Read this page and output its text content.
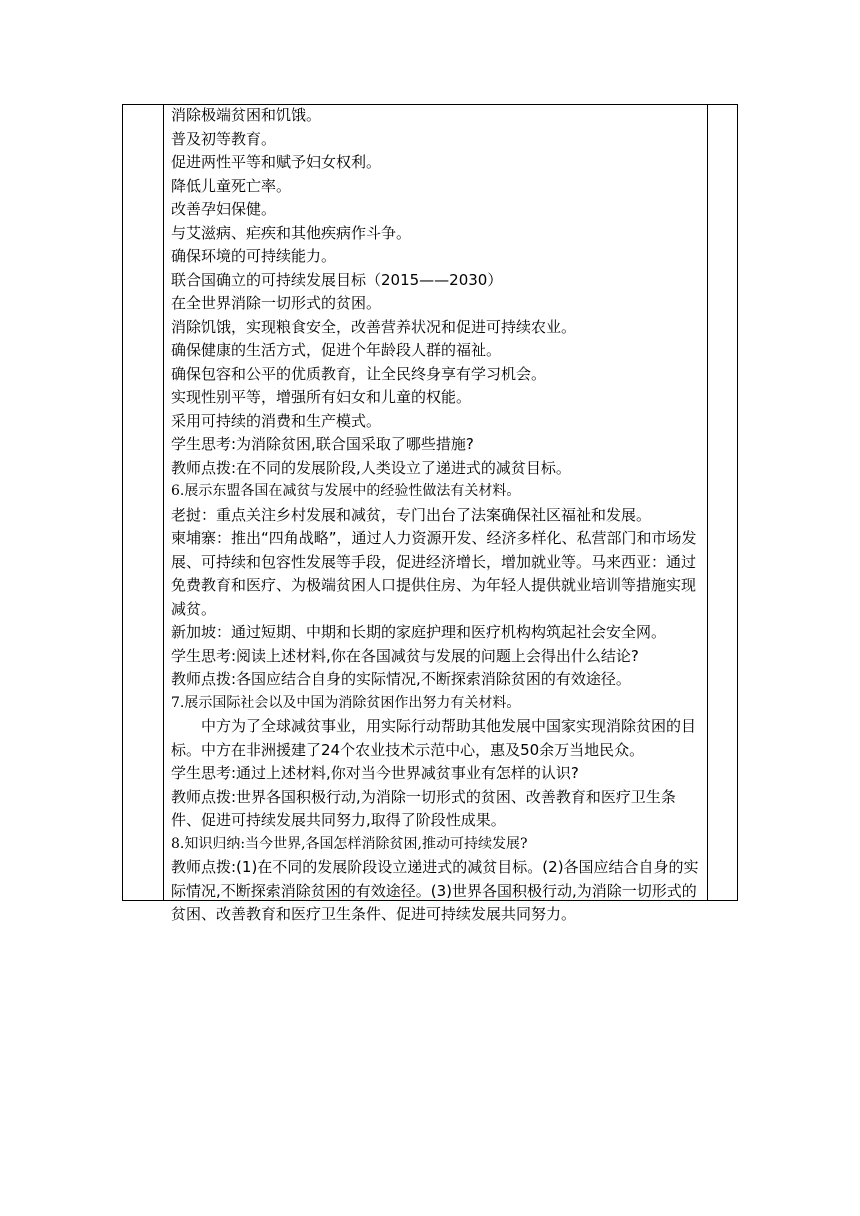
消除极端贫困和饥饿。

普及初等教育。

促进两性平等和赋予妇女权利。

降低儿童死亡率。

改善孕妇保健。

与艾滋病、疟疾和其他疾病作斗争。

确保环境的可持续能力。

联合国确立的可持续发展目标（2015——2030）

在全世界消除一切形式的贫困。

消除饥饿，实现粮食安全，改善营养状况和促进可持续农业。

确保健康的生活方式，促进个年龄段人群的福祉。

确保包容和公平的优质教育，让全民终身享有学习机会。

实现性别平等，增强所有妇女和儿童的权能。

采用可持续的消费和生产模式。

学生思考:为消除贫困,联合国采取了哪些措施?

教师点拨:在不同的发展阶段,人类设立了递进式的减贫目标。

6.展示东盟各国在减贫与发展中的经验性做法有关材料。

老挝：重点关注乡村发展和减贫，专门出台了法案确保社区福祉和发展。

柬埔寨：推出“四角战略”，通过人力资源开发、经济多样化、私营部门和市场发展、可持续和包容性发展等手段，促进经济增长，增加就业等。马来西亚：通过免费教育和医疗、为极端贫困人口提供住房、为年轻人提供就业培训等措施实现减贫。

新加坡：通过短期、中期和长期的家庭护理和医疗机构构筑起社会安全网。

学生思考:阅读上述材料,你在各国减贫与发展的问题上会得出什么结论?

教师点拨:各国应结合自身的实际情况,不断探索消除贫困的有效途径。

7.展示国际社会以及中国为消除贫困作出努力有关材料。

中方为了全球减贫事业，用实际行动帮助其他发展中国家实现消除贫困的目标。中方在非洲援建了24个农业技术示范中心，惠及50余万当地民众。

学生思考:通过上述材料,你对当今世界减贫事业有怎样的认识?

教师点拨:世界各国积极行动,为消除一切形式的贫困、改善教育和医疗卫生条件、促进可持续发展共同努力,取得了阶段性成果。

8.知识归纳:当今世界,各国怎样消除贫困,推动可持续发展?

教师点拨:(1)在不同的发展阶段设立递进式的减贫目标。(2)各国应结合自身的实际情况,不断探索消除贫困的有效途径。(3)世界各国积极行动,为消除一切形式的贫困、改善教育和医疗卫生条件、促进可持续发展共同努力。
